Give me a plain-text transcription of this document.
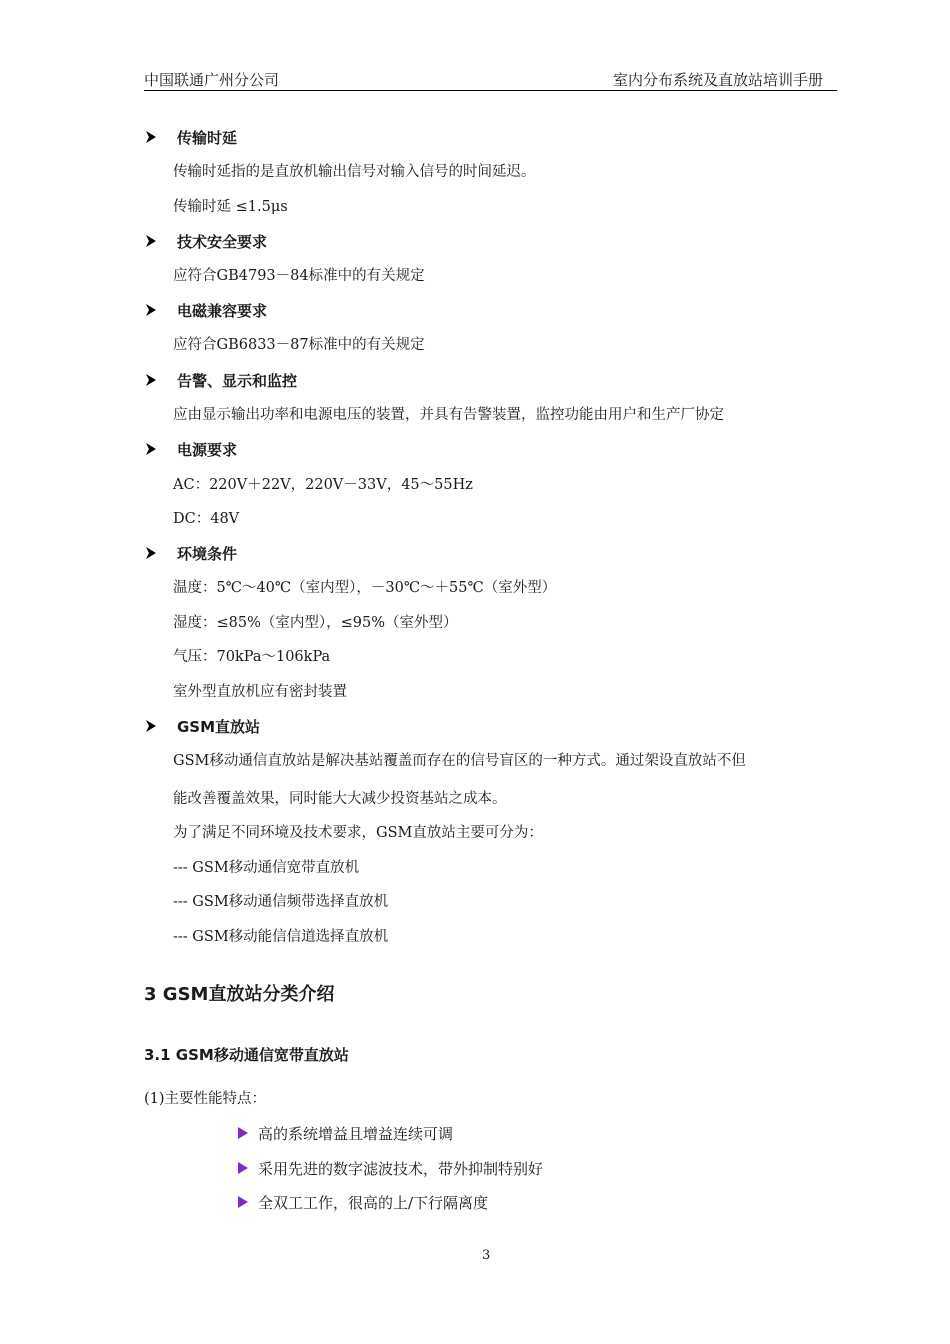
中国联通广州分公司	室内分布系统及直放站培训手册
传输时延
传输时延指的是直放机输出信号对输入信号的时间延迟。
传输时延 ≤1.5μs
技术安全要求
应符合GB4793－84标准中的有关规定
电磁兼容要求
应符合GB6833－87标准中的有关规定
告警、显示和监控
应由显示输出功率和电源电压的装置，并具有告警装置，监控功能由用户和生产厂协定
电源要求
AC：220V＋22V，220V－33V，45～55Hz
DC：48V
环境条件
温度：5℃～40℃（室内型），－30℃～＋55℃（室外型）
湿度：≤85%（室内型），≤95%（室外型）
气压：70kPa～106kPa
室外型直放机应有密封装置
GSM直放站
GSM移动通信直放站是解决基站覆盖而存在的信号盲区的一种方式。通过架设直放站不但
能改善覆盖效果，同时能大大减少投资基站之成本。
为了满足不同环境及技术要求，GSM直放站主要可分为：
--- GSM移动通信宽带直放机
--- GSM移动通信频带选择直放机
--- GSM移动能信信道选择直放机
3 GSM直放站分类介绍
3.1 GSM移动通信宽带直放站
(1)主要性能特点：
高的系统增益且增益连续可调
采用先进的数字滤波技术，带外抑制特别好
全双工工作，很高的上/下行隔离度
3
